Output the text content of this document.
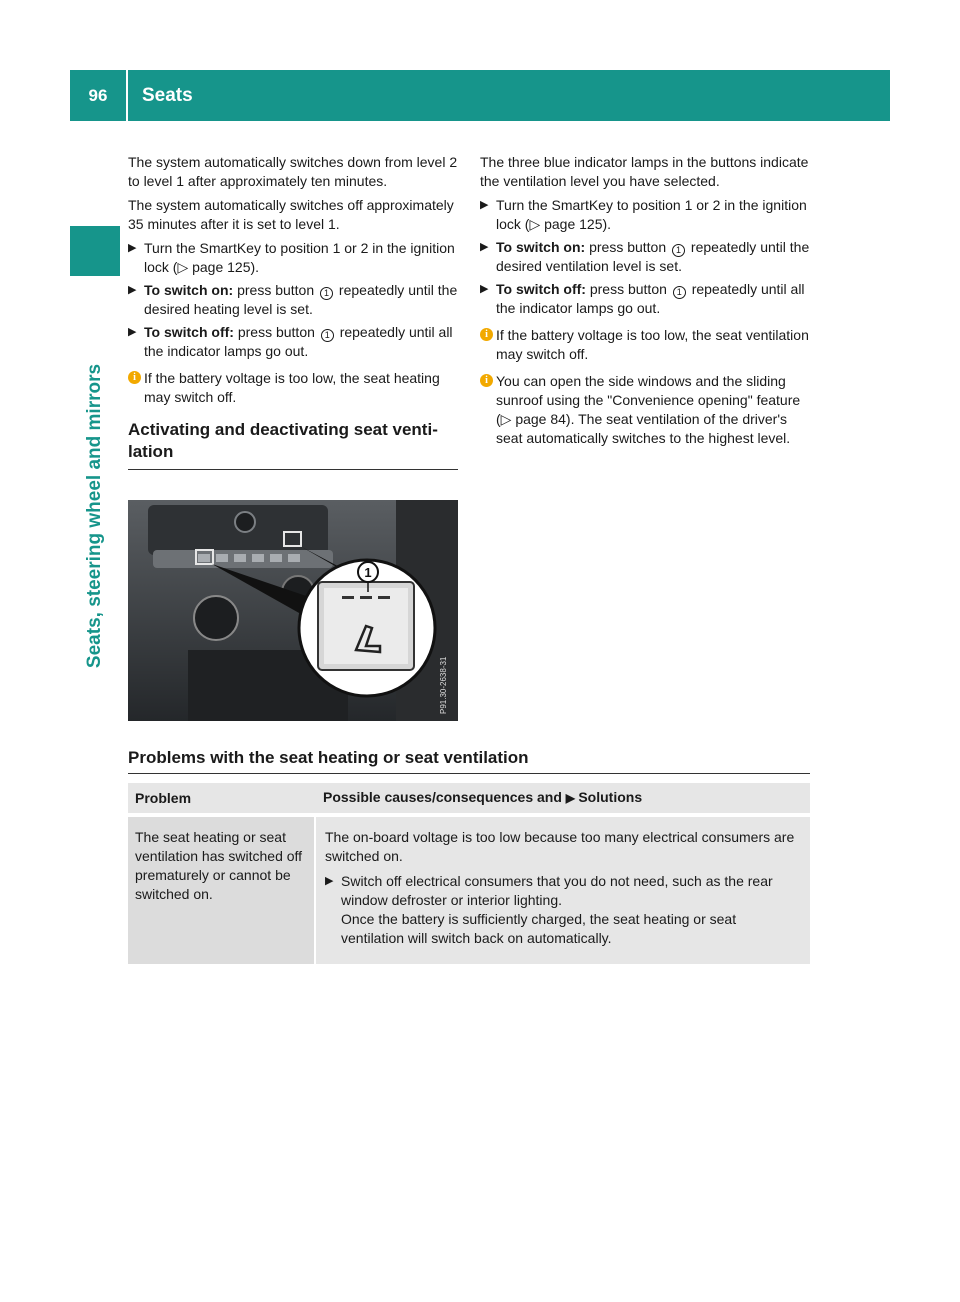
96	Seats
Seats, steering wheel and mirrors

The system automatically switches down from level 2 to level 1 after approximately ten minutes.

The system automatically switches off approximately 35 minutes after it is set to level 1.

▶ Turn the SmartKey to position 1 or 2 in the ignition lock (▷ page 125).
▶ To switch on: press button 1 repeatedly until the desired heating level is set.
▶ To switch off: press button 1 repeatedly until all the indicator lamps go out.
i If the battery voltage is too low, the seat heating may switch off.
Activating and deactivating seat ventilation
1
P91.30-2638-31

The three blue indicator lamps in the buttons indicate the ventilation level you have selected.

▶ Turn the SmartKey to position 1 or 2 in the ignition lock (▷ page 125).
▶ To switch on: press button 1 repeatedly until the desired ventilation level is set.
▶ To switch off: press button 1 repeatedly until all the indicator lamps go out.
i If the battery voltage is too low, the seat ventilation may switch off.
i You can open the side windows and the sliding sunroof using the "Convenience opening" feature (▷ page 84). The seat ventilation of the driver's seat automatically switches to the highest level.
Problems with the seat heating or seat ventilation
Problem	Possible causes/consequences and ▶ Solutions
The seat heating or seat ventilation has switched off prematurely or cannot be switched on.

The on-board voltage is too low because too many electrical consumers are switched on.

▶ Switch off electrical consumers that you do not need, such as the rear window defroster or interior lighting.
Once the battery is sufficiently charged, the seat heating or seat ventilation will switch back on automatically.
